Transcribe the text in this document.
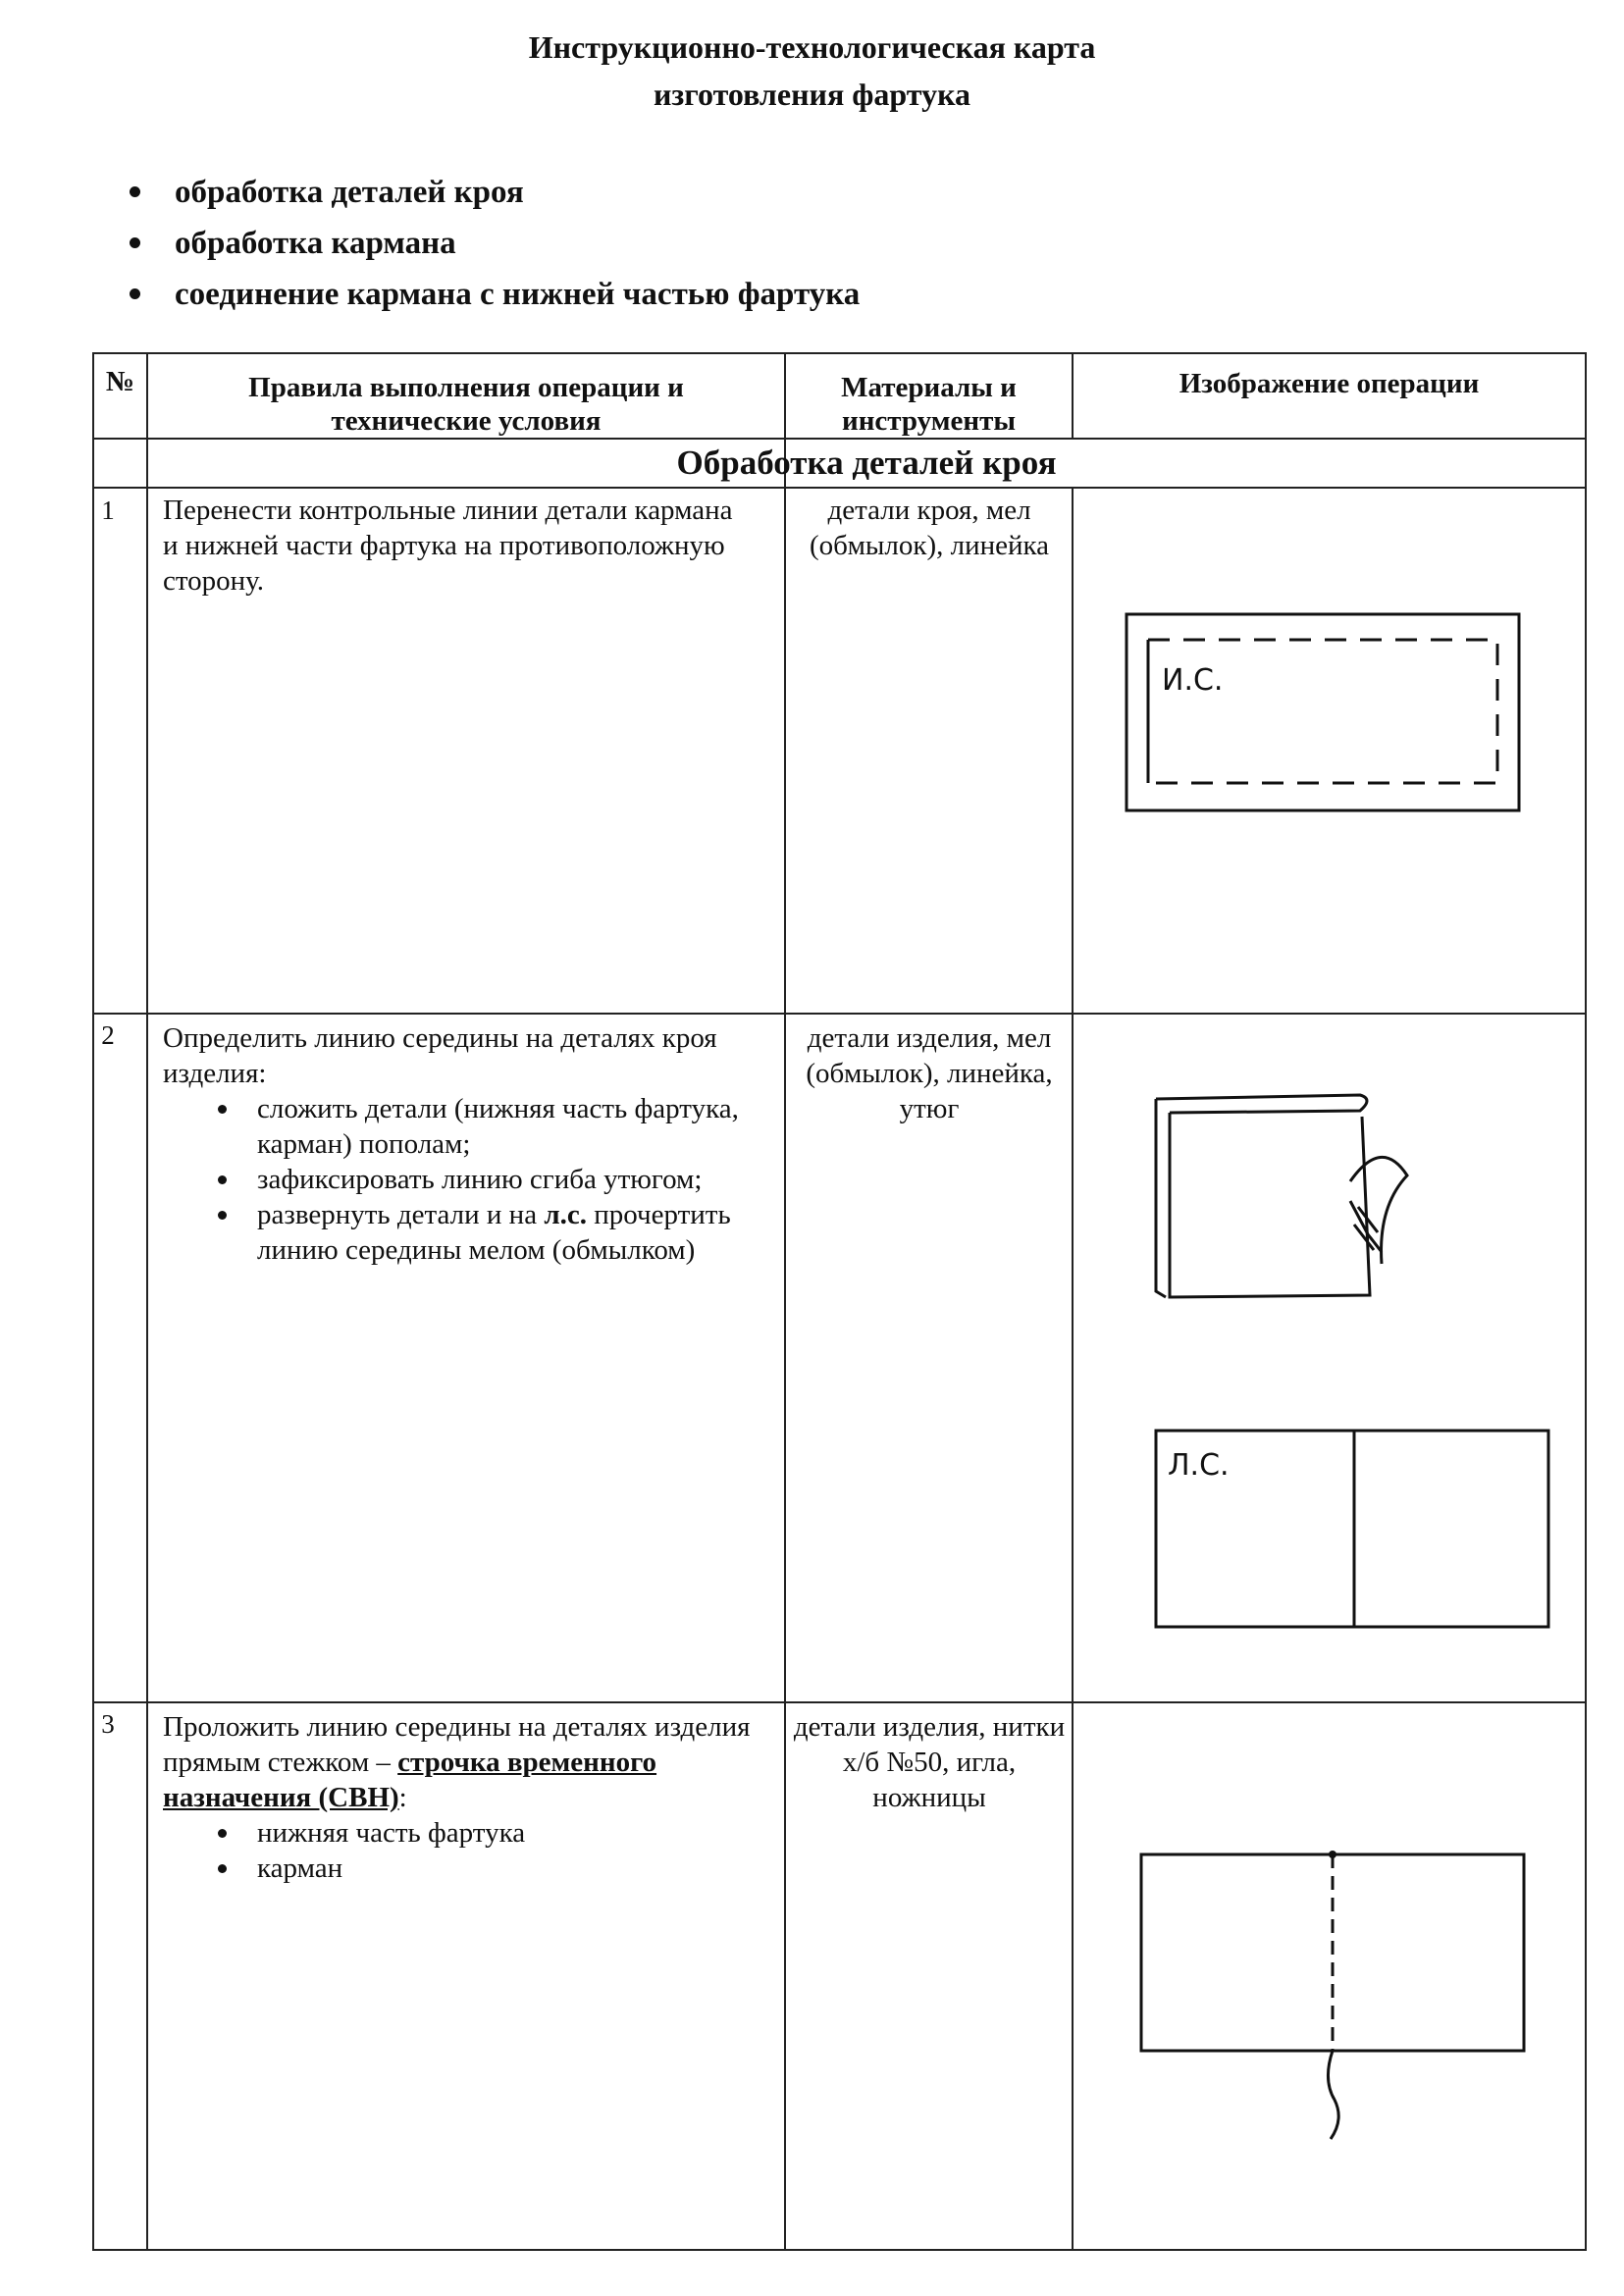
Инструкционно-технологическая карта
изготовления фартука
обработка деталей кроя
обработка кармана
соединение кармана с нижней частью фартука
№	Правила выполнения операции и
технические условия
Материалы и
инструменты
Изображение операции
Обработка деталей кроя
1 Перенести контрольные линии детали кармана и нижней части фартука на противоположную сторону.
детали кроя, мел (обмылок), линейка
И.С.
2 Определить линию середины на деталях кроя изделия:
сложить детали (нижняя часть фартука, карман) пополам;
зафиксировать линию сгиба утюгом;
развернуть детали и на л.с. прочертить линию середины мелом (обмылком)
детали изделия, мел (обмылок), линейка, утюг
Л.С.
3 Проложить линию середины на деталях изделия прямым стежком – строчка временного назначения (СВН):
нижняя часть фартука
карман
детали изделия, нитки х/б №50, игла, ножницы
